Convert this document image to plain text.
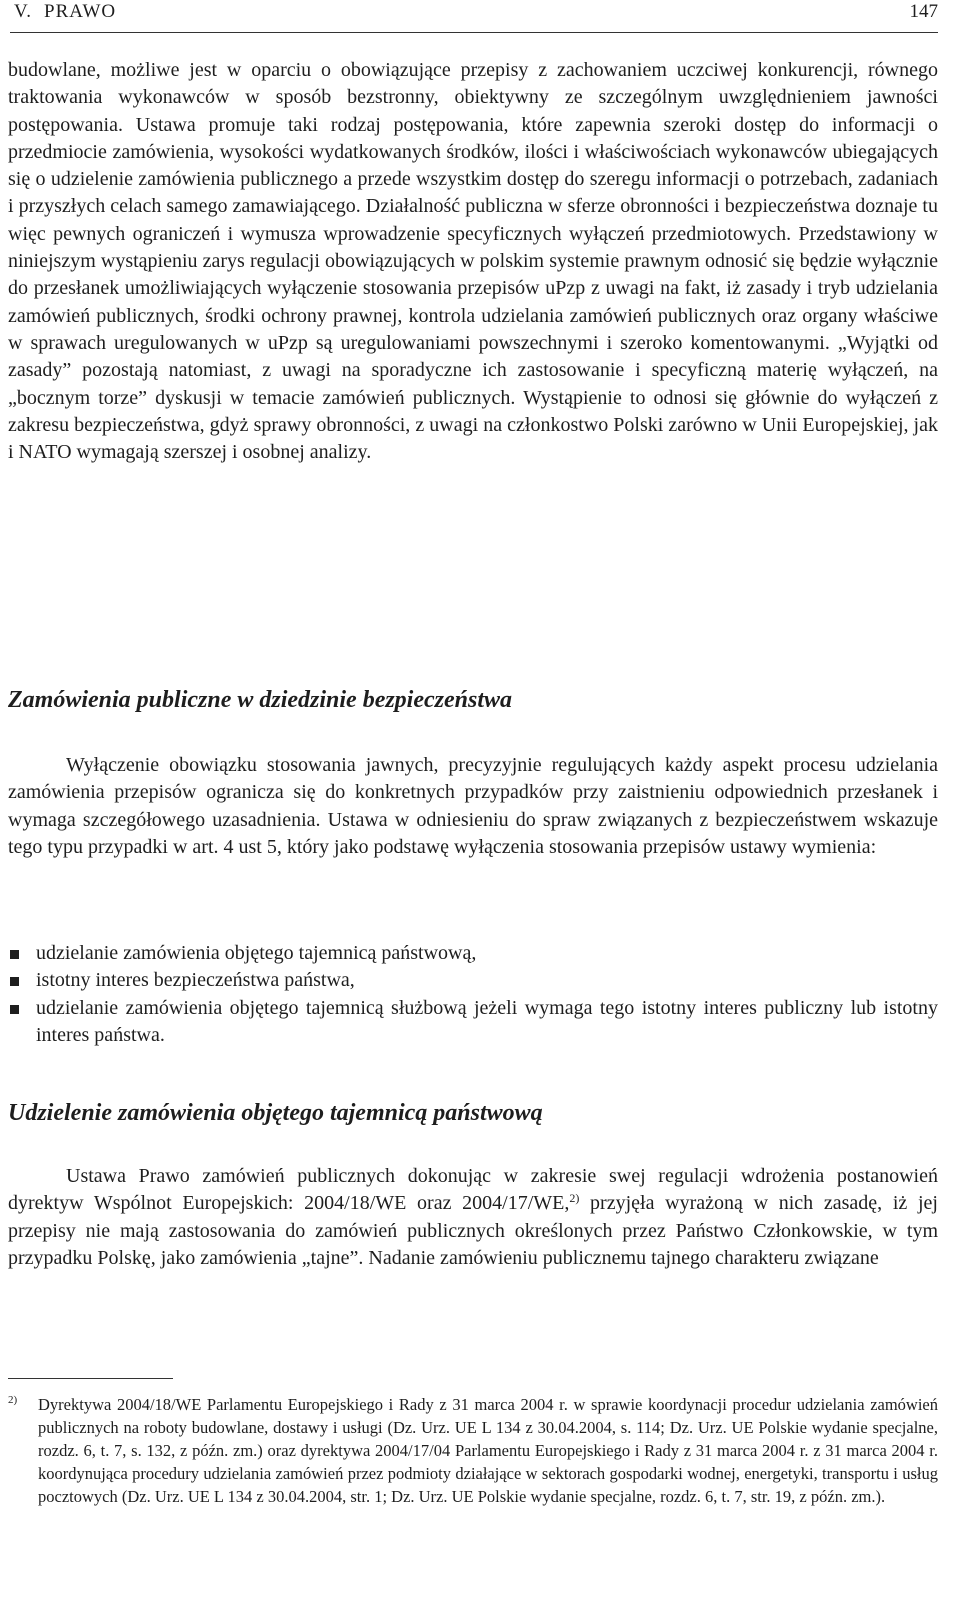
V. PRAWO	147

budowlane, możliwe jest w oparciu o obowiązujące przepisy z zachowaniem uczciwej konkurencji, równego traktowania wykonawców w sposób bezstronny, obiektywny ze szczególnym uwzględnieniem jawności postępowania. Ustawa promuje taki rodzaj postępowania, które zapewnia szeroki dostęp do informacji o przedmiocie zamówienia, wysokości wydatkowanych środków, ilości i właściwościach wykonawców ubiegających się o udzielenie zamówienia publicznego a przede wszystkim dostęp do szeregu informacji o potrzebach, zadaniach i przyszłych celach samego zamawiającego. Działalność publiczna w sferze obronności i bezpieczeństwa doznaje tu więc pewnych ograniczeń i wymusza wprowadzenie specyficznych wyłączeń przedmiotowych. Przedstawiony w niniejszym wystąpieniu zarys regulacji obowiązujących w polskim systemie prawnym odnosić się będzie wyłącznie do przesłanek umożliwiających wyłączenie stosowania przepisów uPzp z uwagi na fakt, iż zasady i tryb udzielania zamówień publicznych, środki ochrony prawnej, kontrola udzielania zamówień publicznych oraz organy właściwe w sprawach uregulowanych w uPzp są uregulowaniami powszechnymi i szeroko komentowanymi. „Wyjątki od zasady” pozostają natomiast, z uwagi na sporadyczne ich zastosowanie i specyficzną materię wyłączeń, na „bocznym torze” dyskusji w temacie zamówień publicznych. Wystąpienie to odnosi się głównie do wyłączeń z zakresu bezpieczeństwa, gdyż sprawy obronności, z uwagi na członkostwo Polski zarówno w Unii Europejskiej, jak i NATO wymagają szerszej i osobnej analizy.

Zamówienia publiczne w dziedzinie bezpieczeństwa

Wyłączenie obowiązku stosowania jawnych, precyzyjnie regulujących każdy aspekt procesu udzielania zamówienia przepisów ogranicza się do konkretnych przypadków przy zaistnieniu odpowiednich przesłanek i wymaga szczegółowego uzasadnienia. Ustawa w odniesieniu do spraw związanych z bezpieczeństwem wskazuje tego typu przypadki w art. 4 ust 5, który jako podstawę wyłączenia stosowania przepisów ustawy wymienia:

udzielanie zamówienia objętego tajemnicą państwową,
istotny interes bezpieczeństwa państwa,
udzielanie zamówienia objętego tajemnicą służbową jeżeli wymaga tego istotny interes publiczny lub istotny interes państwa.
Udzielenie zamówienia objętego tajemnicą państwową

Ustawa Prawo zamówień publicznych dokonując w zakresie swej regulacji wdrożenia postanowień dyrektyw Wspólnot Europejskich: 2004/18/WE oraz 2004/17/WE,$^{2)}$ przyjęła wyrażoną w nich zasadę, iż jej przepisy nie mają zastosowania do zamówień publicznych określonych przez Państwo Członkowskie, w tym przypadku Polskę, jako zamówienia „tajne”. Nadanie zamówieniu publicznemu tajnego charakteru związane

2) Dyrektywa 2004/18/WE Parlamentu Europejskiego i Rady z 31 marca 2004 r. w sprawie koordynacji procedur udzielania zamówień publicznych na roboty budowlane, dostawy i usługi (Dz. Urz. UE L 134 z 30.04.2004, s. 114; Dz. Urz. UE Polskie wydanie specjalne, rozdz. 6, t. 7, s. 132, z późn. zm.) oraz dyrektywa 2004/17/04 Parlamentu Europejskiego i Rady z 31 marca 2004 r. z 31 marca 2004 r. koordynująca procedury udzielania zamówień przez podmioty działające w sektorach gospodarki wodnej, energetyki, transportu i usług pocztowych (Dz. Urz. UE L 134 z 30.04.2004, str. 1; Dz. Urz. UE Polskie wydanie specjalne, rozdz. 6, t. 7, str. 19, z późn. zm.).
